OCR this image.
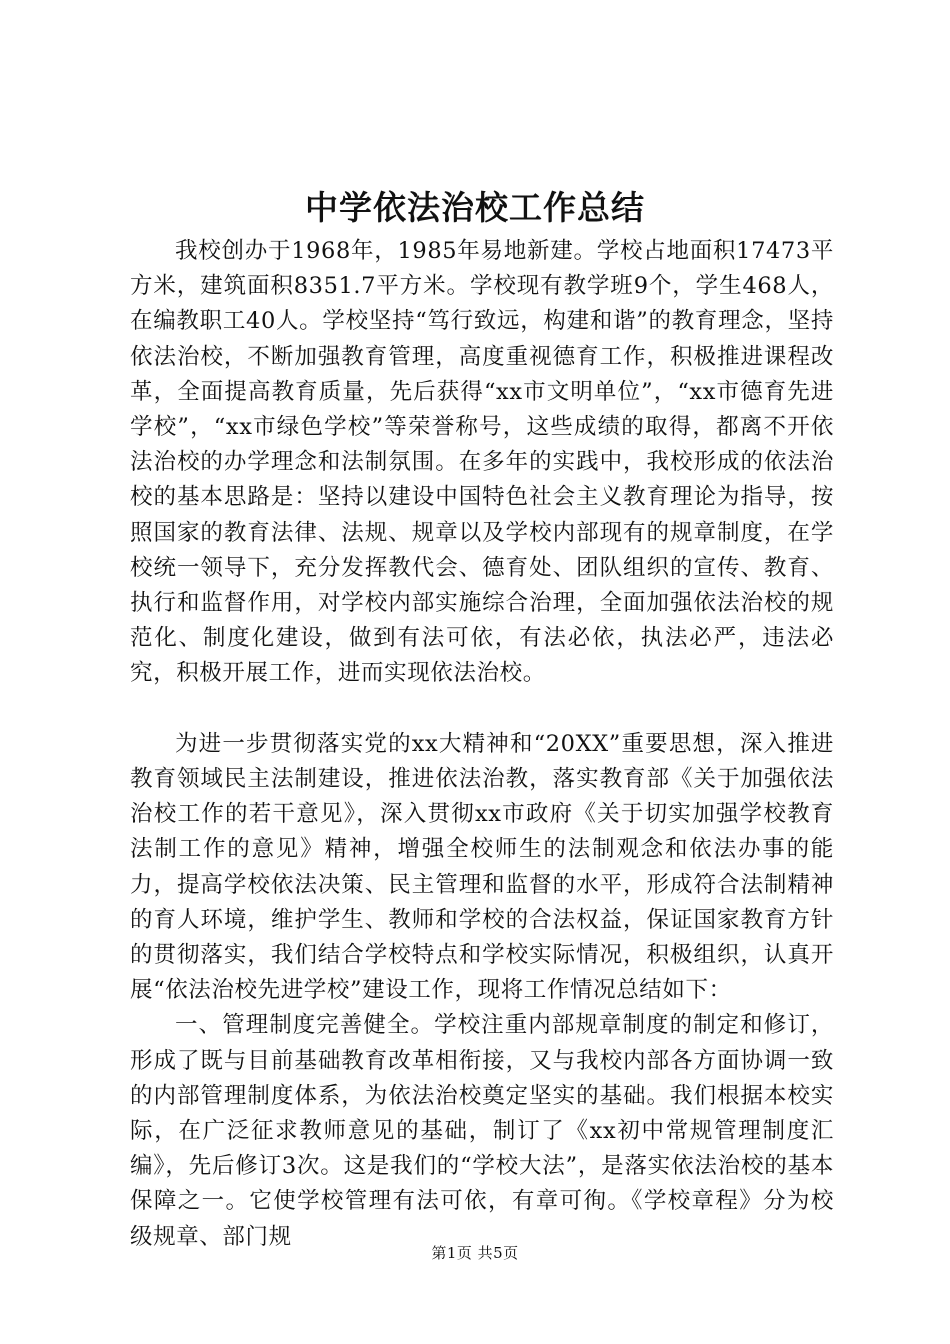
中学依法治校工作总结

我校创办于1968年，1985年易地新建。学校占地面积17473平方米，建筑面积8351.7平方米。学校现有教学班9个，学生468人，在编教职工40人。学校坚持“笃行致远，构建和谐”的教育理念，坚持依法治校，不断加强教育管理，高度重视德育工作，积极推进课程改革，全面提高教育质量，先后获得“xx市文明单位”，“xx市德育先进学校”，“xx市绿色学校”等荣誉称号，这些成绩的取得，都离不开依法治校的办学理念和法制氛围。在多年的实践中，我校形成的依法治校的基本思路是：坚持以建设中国特色社会主义教育理论为指导，按照国家的教育法律、法规、规章以及学校内部现有的规章制度，在学校统一领导下，充分发挥教代会、德育处、团队组织的宣传、教育、执行和监督作用，对学校内部实施综合治理，全面加强依法治校的规范化、制度化建设，做到有法可依，有法必依，执法必严，违法必究，积极开展工作，进而实现依法治校。

为进一步贯彻落实党的xx大精神和“20XX”重要思想，深入推进教育领域民主法制建设，推进依法治教，落实教育部《关于加强依法治校工作的若干意见》，深入贯彻xx市政府《关于切实加强学校教育法制工作的意见》精神，增强全校师生的法制观念和依法办事的能力，提高学校依法决策、民主管理和监督的水平，形成符合法制精神的育人环境，维护学生、教师和学校的合法权益，保证国家教育方针的贯彻落实，我们结合学校特点和学校实际情况，积极组织，认真开展“依法治校先进学校”建设工作，现将工作情况总结如下：

一、管理制度完善健全。学校注重内部规章制度的制定和修订，形成了既与目前基础教育改革相衔接，又与我校内部各方面协调一致的内部管理制度体系，为依法治校奠定坚实的基础。我们根据本校实际，在广泛征求教师意见的基础，制订了《xx初中常规管理制度汇编》，先后修订3次。这是我们的“学校大法”，是落实依法治校的基本保障之一。它使学校管理有法可依，有章可徇。《学校章程》分为校级规章、部门规

第1页 共5页
